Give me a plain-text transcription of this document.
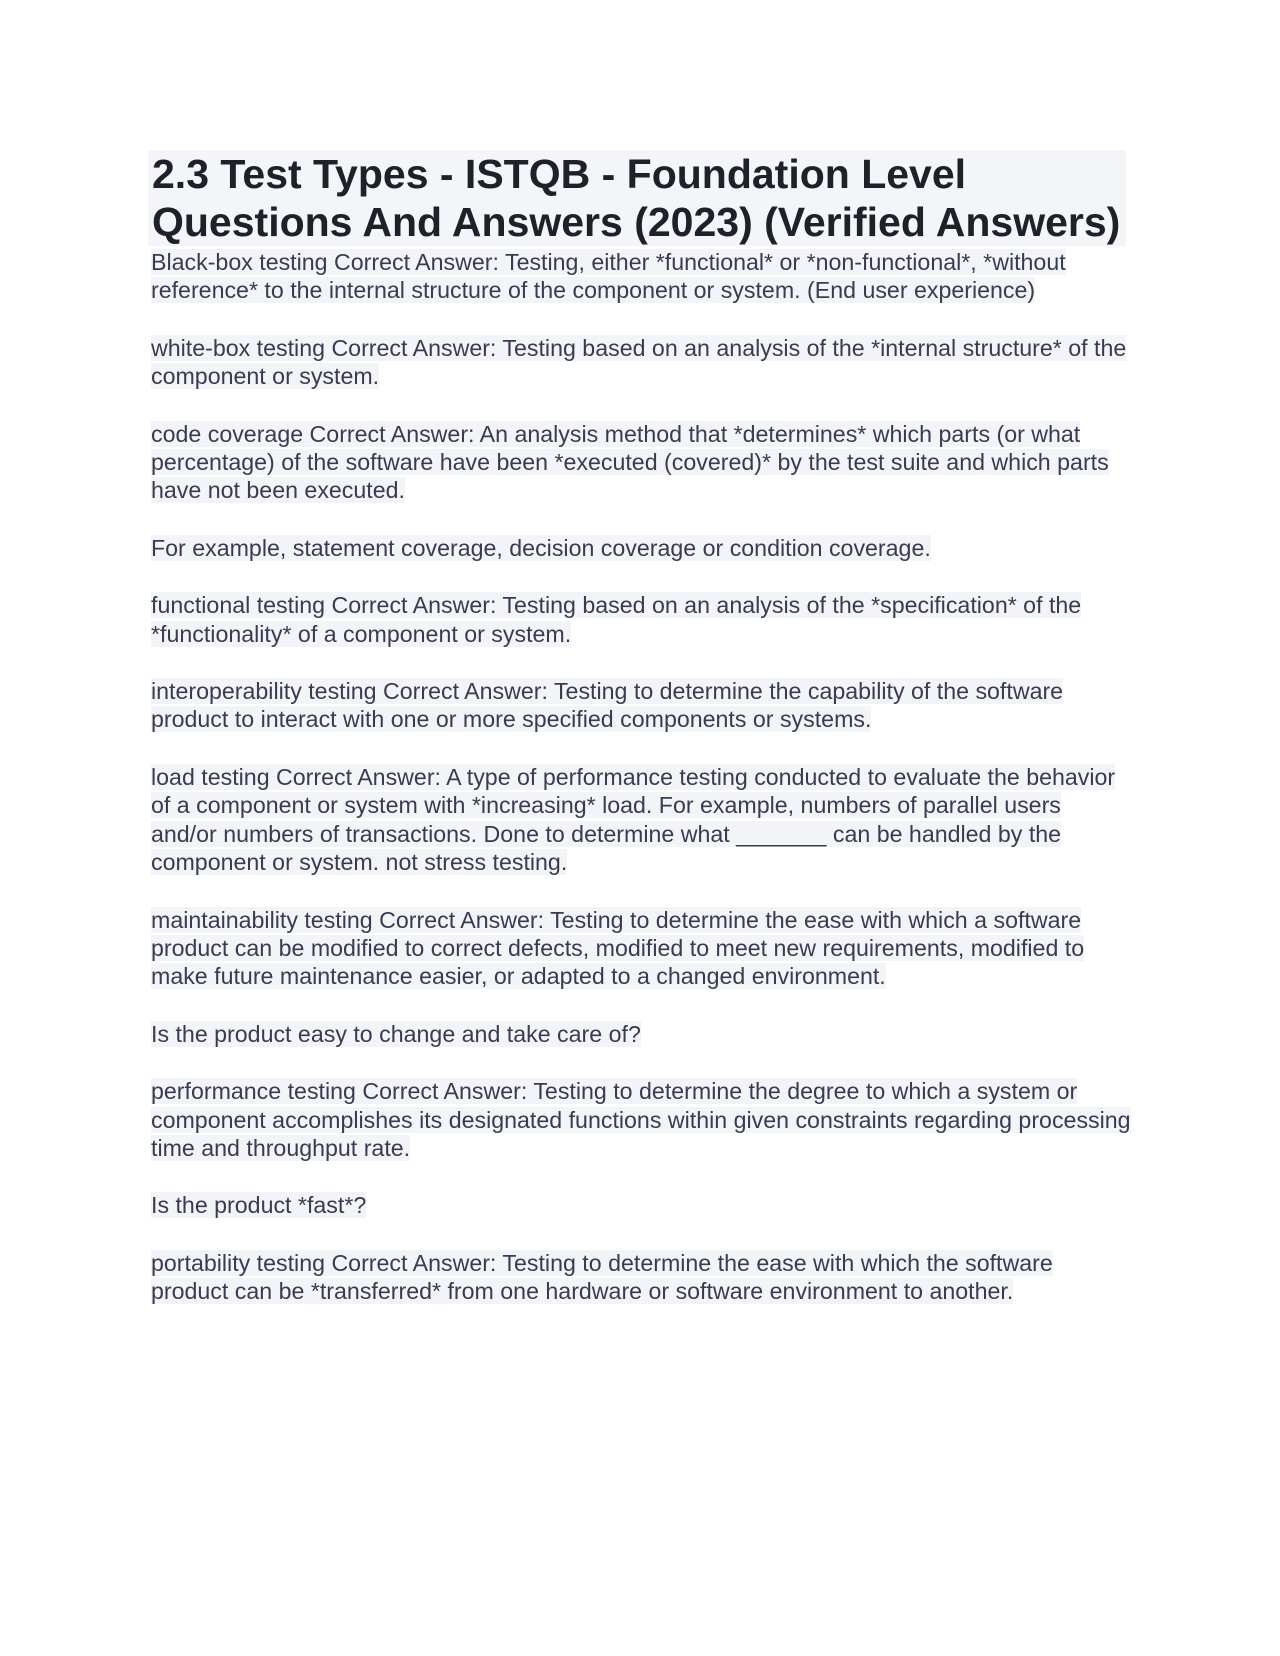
2.3 Test Types - ISTQB - Foundation Level Questions And Answers (2023) (Verified Answers)

Black-box testing Correct Answer: Testing, either *functional* or *non-functional*, *without reference* to the internal structure of the component or system. (End user experience)

white-box testing Correct Answer: Testing based on an analysis of the *internal structure* of the component or system.

code coverage Correct Answer: An analysis method that *determines* which parts (or what percentage) of the software have been *executed (covered)* by the test suite and which parts have not been executed.

For example, statement coverage, decision coverage or condition coverage.

functional testing Correct Answer: Testing based on an analysis of the *specification* of the *functionality* of a component or system.

interoperability testing Correct Answer: Testing to determine the capability of the software product to interact with one or more specified components or systems.

load testing Correct Answer: A type of performance testing conducted to evaluate the behavior of a component or system with *increasing* load. For example, numbers of parallel users and/or numbers of transactions. Done to determine what _______ can be handled by the component or system. not stress testing.

maintainability testing Correct Answer: Testing to determine the ease with which a software product can be modified to correct defects, modified to meet new requirements, modified to make future maintenance easier, or adapted to a changed environment.

Is the product easy to change and take care of?

performance testing Correct Answer: Testing to determine the degree to which a system or component accomplishes its designated functions within given constraints regarding processing time and throughput rate.

Is the product *fast*?

portability testing Correct Answer: Testing to determine the ease with which the software product can be *transferred* from one hardware or software environment to another.
